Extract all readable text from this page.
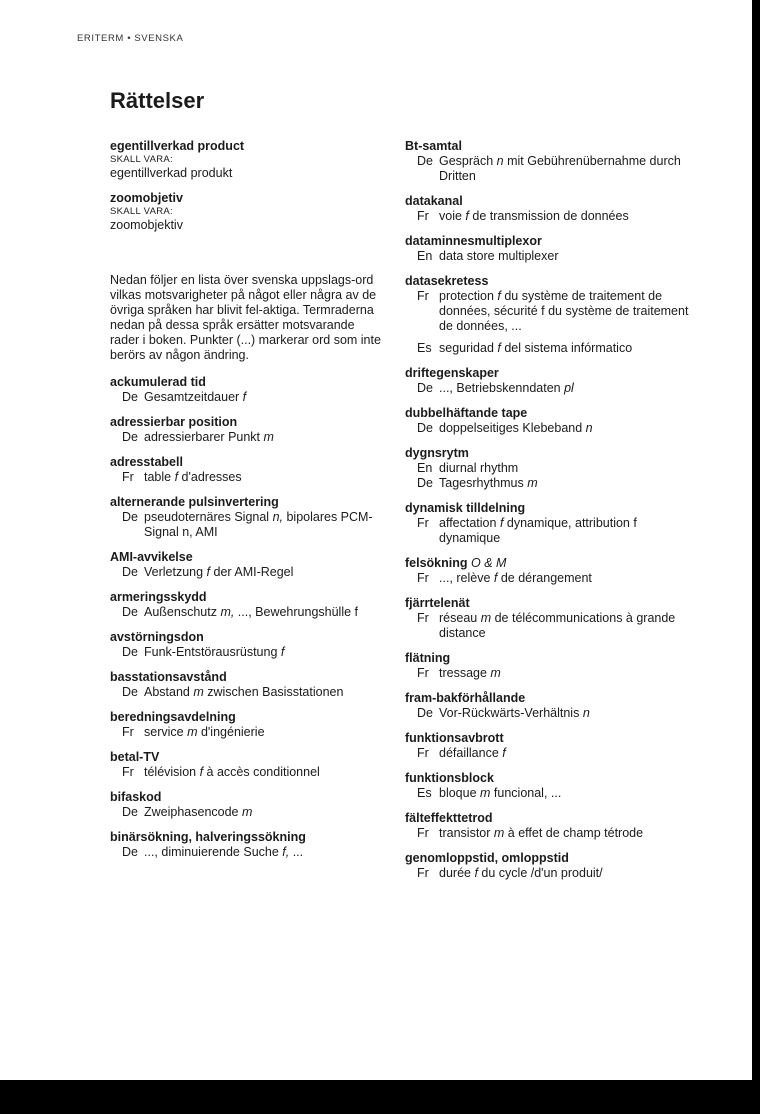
ERITERM • SVENSKA
Rättelser
egentillverkad product
SKALL VARA:
egentillverkad produkt
zoomobjetiv
SKALL VARA:
zoomobjektiv

Nedan följer en lista över svenska uppslags-ord vilkas motsvarigheter på något eller några av de övriga språken har blivit fel-aktiga. Termraderna nedan på dessa språk ersätter motsvarande rader i boken. Punkter (...) markerar ord som inte berörs av någon ändring.

ackumulerad tid
De Gesamtzeitdauer f
adressierbar position
De adressierbarer Punkt m
adresstabell
Fr table f d'adresses
alternerande pulsinvertering
De pseudoternäres Signal n, bipolares PCM-Signal n, AMI
AMI-avvikelse
De Verletzung f der AMI-Regel
armeringsskydd
De Außenschutz m, ..., Bewehrungshülle f
avstörningsdon
De Funk-Entstörausrüstung f
basstationsavstånd
De Abstand m zwischen Basisstationen
beredningsavdelning
Fr service m d'ingénierie
betal-TV
Fr télévision f à accès conditionnel
bifaskod
De Zweiphasencode m
binärsökning, halveringssökning
De ..., diminuierende Suche f, ...
Bt-samtal
De Gespräch n mit Gebührenübernahme durch Dritten
datakanal
Fr voie f de transmission de données
dataminnesmultiplexor
En data store multiplexer
datasekretess
Fr protection f du système de traitement de données, sécurité f du système de traitement de données, ...
Es seguridad f del sistema infórmatico
driftegenskaper
De ..., Betriebskenndaten pl
dubbelhäftande tape
De doppelseitiges Klebeband n
dygnsrytm
En diurnal rhythm
De Tagesrhythmus m
dynamisk tilldelning
Fr affectation f dynamique, attribution f dynamique
felsökning O & M
Fr ..., relève f de dérangement
fjärrtelenät
Fr réseau m de télécommunications à grande distance
flätning
Fr tressage m
fram-bakförhållande
De Vor-Rückwärts-Verhältnis n
funktionsavbrott
Fr défaillance f
funktionsblock
Es bloque m funcional, ...
fälteffekttetrod
Fr transistor m à effet de champ tétrode
genomloppstid, omloppstid
Fr durée f du cycle /d'un produit/
